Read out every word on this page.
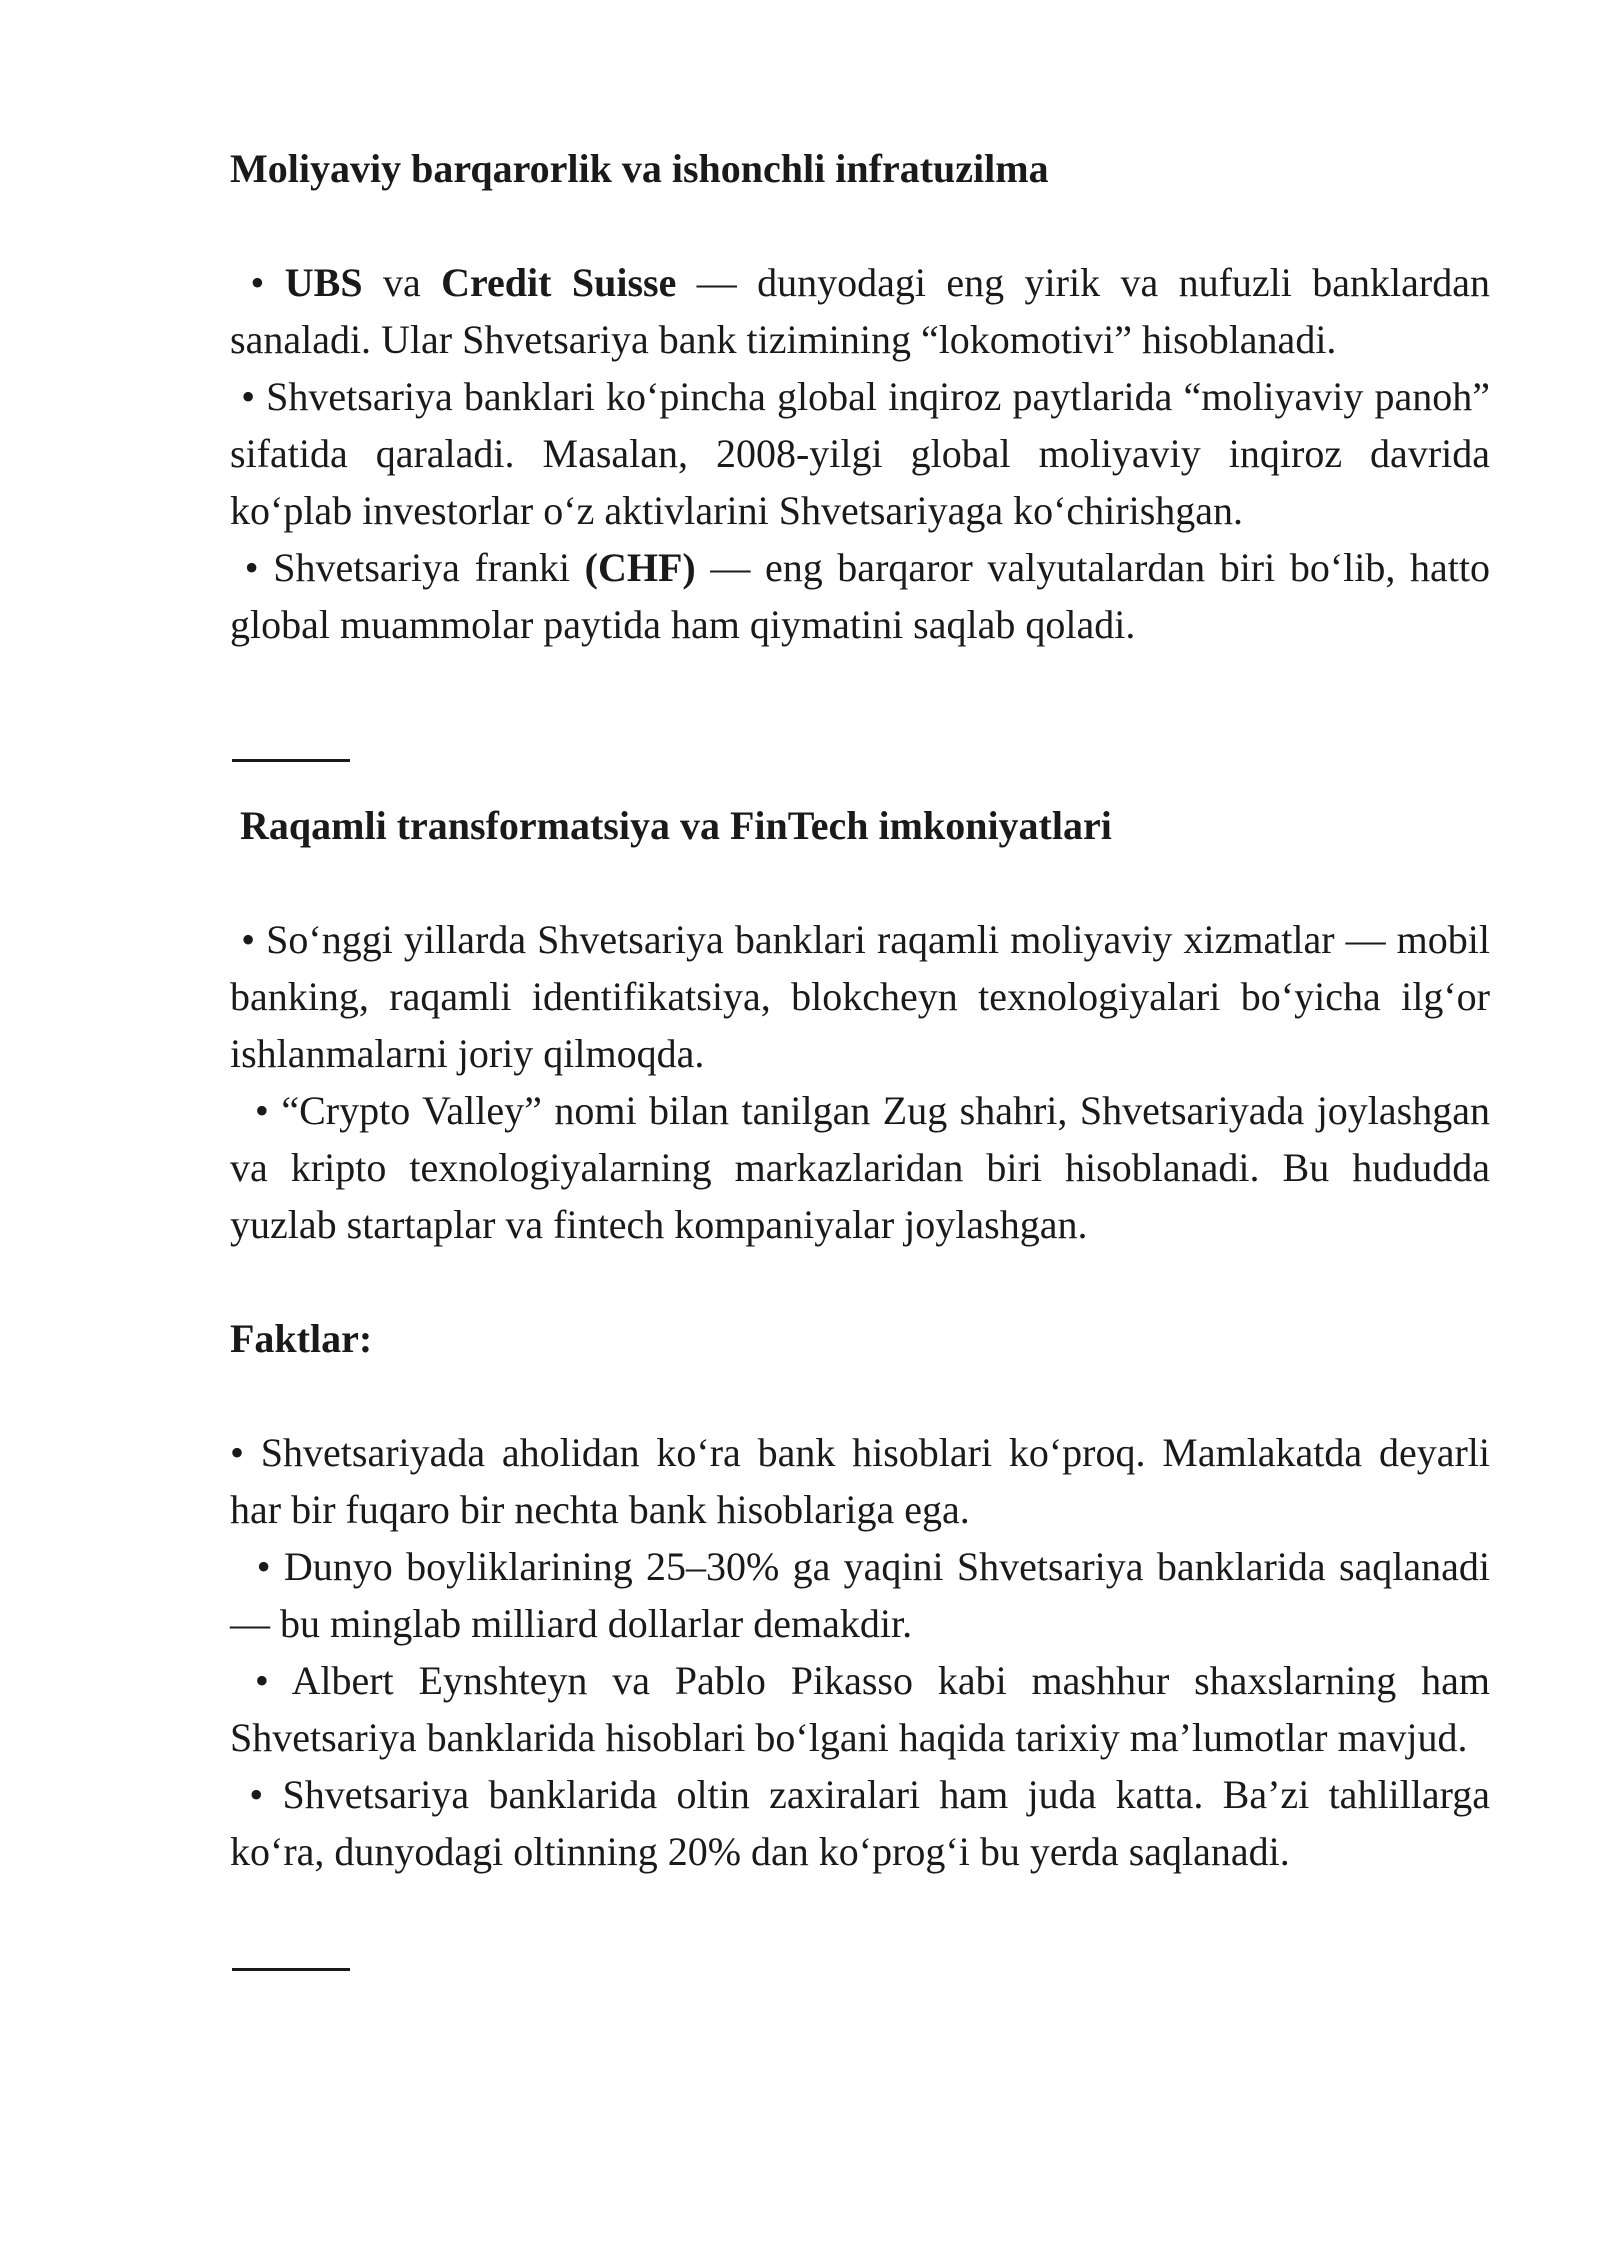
Moliyaviy barqarorlik va ishonchli infratuzilma

• UBS va Credit Suisse — dunyodagi eng yirik va nufuzli banklardan sanaladi. Ular Shvetsariya bank tizimining “lokomotivi” hisoblanadi.

• Shvetsariya banklari ko‘pincha global inqiroz paytlarida “moliyaviy panoh” sifatida qaraladi. Masalan, 2008-yilgi global moliyaviy inqiroz davrida ko‘plab investorlar o‘z aktivlarini Shvetsariyaga ko‘chirishgan.

• Shvetsariya franki (CHF) — eng barqaror valyutalardan biri bo‘lib, hatto global muammolar paytida ham qiymatini saqlab qoladi.

Raqamli transformatsiya va FinTech imkoniyatlari

• So‘nggi yillarda Shvetsariya banklari raqamli moliyaviy xizmatlar — mobil banking, raqamli identifikatsiya, blokcheyn texnologiyalari bo‘yicha ilg‘or ishlanmalarni joriy qilmoqda.

• “Crypto Valley” nomi bilan tanilgan Zug shahri, Shvetsariyada joylashgan va kripto texnologiyalarning markazlaridan biri hisoblanadi. Bu hududda yuzlab startaplar va fintech kompaniyalar joylashgan.

Faktlar:

• Shvetsariyada aholidan ko‘ra bank hisoblari ko‘proq. Mamlakatda deyarli har bir fuqaro bir nechta bank hisoblariga ega.

• Dunyo boyliklarining 25–30% ga yaqini Shvetsariya banklarida saqlanadi — bu minglab milliard dollarlar demakdir.

• Albert Eynshteyn va Pablo Pikasso kabi mashhur shaxslarning ham Shvetsariya banklarida hisoblari bo‘lgani haqida tarixiy ma’lumotlar mavjud.

• Shvetsariya banklarida oltin zaxiralari ham juda katta. Ba’zi tahlillarga ko‘ra, dunyodagi oltinning 20% dan ko‘prog‘i bu yerda saqlanadi.
